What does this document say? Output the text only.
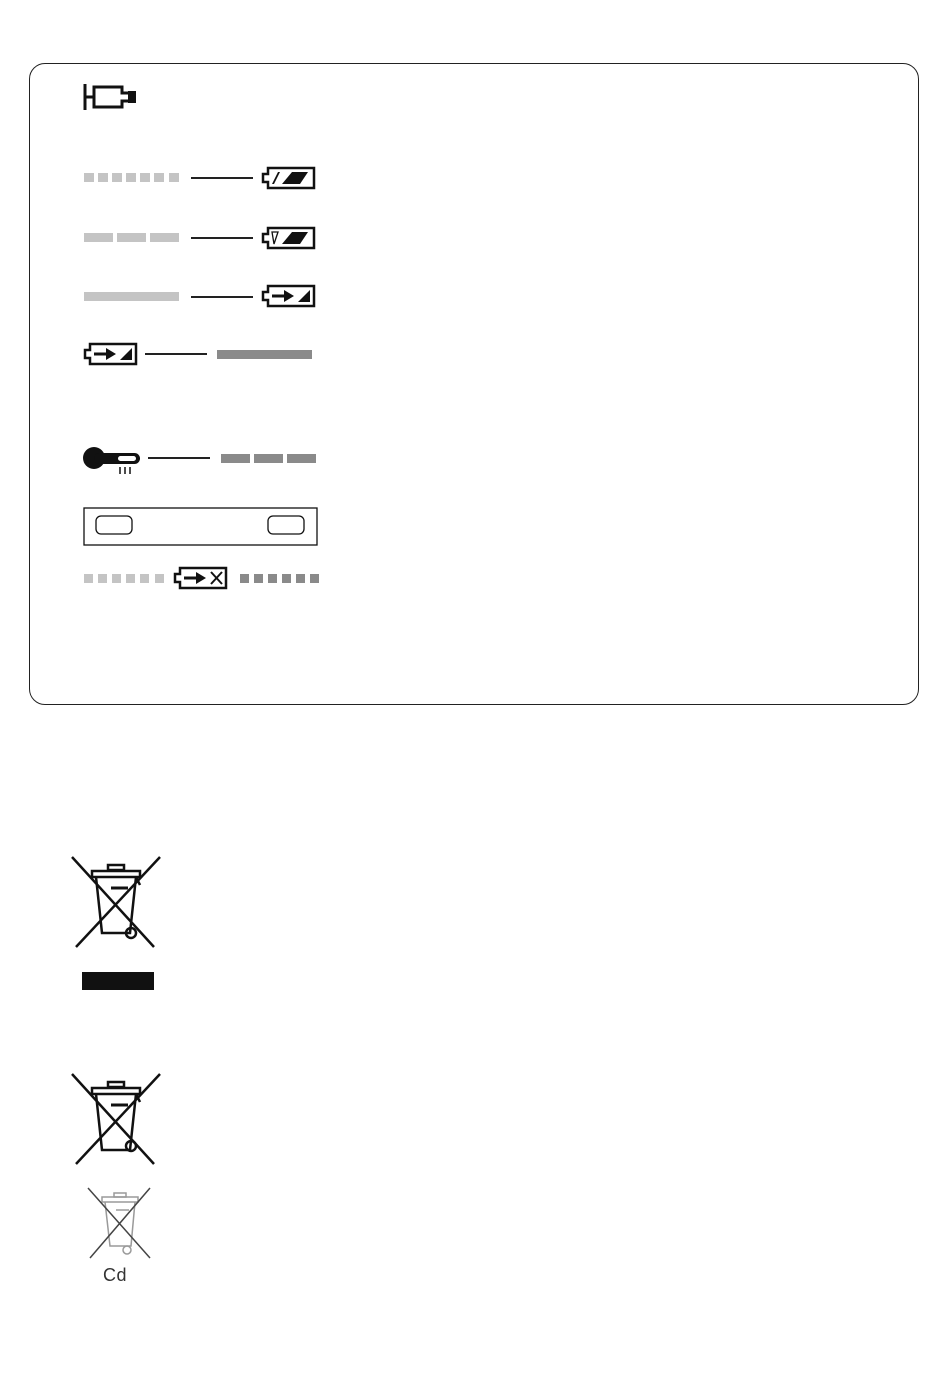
Cd
